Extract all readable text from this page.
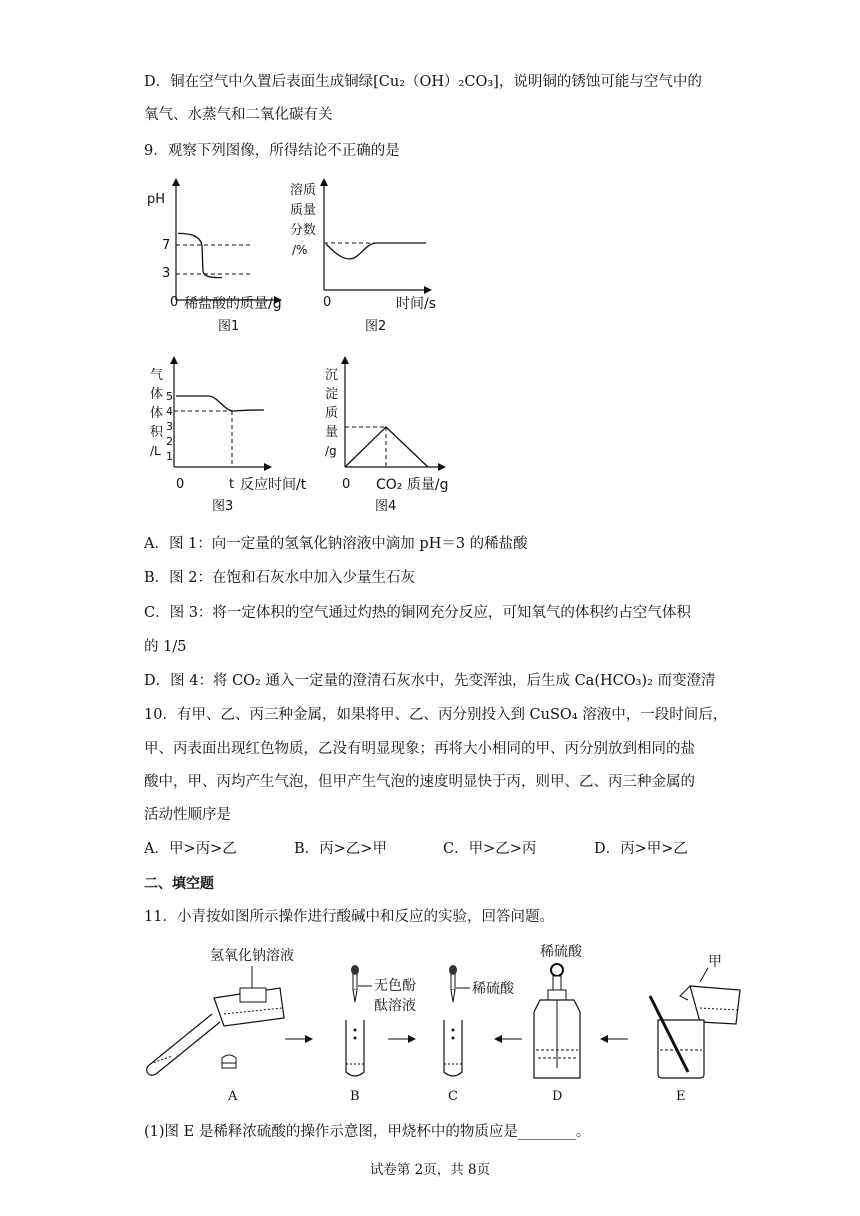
D．铜在空气中久置后表面生成铜绿[Cu₂（OH）₂CO₃]，说明铜的锈蚀可能与空气中的
氧气、水蒸气和二氧化碳有关
9．观察下列图像，所得结论不正确的是
pH
7
3
0 稀盐酸的质量/g
图1
溶质
质量
分数
/%
0	时间/s
图2
气
体
体
积
/L
5
4
3
2
1
0	t 反应时间/t
图3
沉
淀
质
量
/g
0 CO₂ 质量/g
图4
A．图 1：向一定量的氢氧化钠溶液中滴加 pH＝3 的稀盐酸
B．图 2：在饱和石灰水中加入少量生石灰
C．图 3：将一定体积的空气通过灼热的铜网充分反应，可知氧气的体积约占空气体积
的 1/5
D．图 4：将 CO₂ 通入一定量的澄清石灰水中，先变浑浊，后生成 Ca(HCO₃)₂ 而变澄清
10．有甲、乙、丙三种金属，如果将甲、乙、丙分别投入到 CuSO₄ 溶液中，一段时间后，
甲、丙表面出现红色物质，乙没有明显现象；再将大小相同的甲、丙分别放到相同的盐
酸中，甲、丙均产生气泡，但甲产生气泡的速度明显快于丙，则甲、乙、丙三种金属的
活动性顺序是
A．甲>丙>乙	B．丙>乙>甲	C．甲>乙>丙	D．丙>甲>乙
二、填空题
11．小青按如图所示操作进行酸碱中和反应的实验，回答问题。
氢氧化钠溶液
A
无色酚
酞溶液
B
稀硫酸
C
稀硫酸
D
甲
E
(1)图 E 是稀释浓硫酸的操作示意图，甲烧杯中的物质应是________。
试卷第 2页，共 8页
